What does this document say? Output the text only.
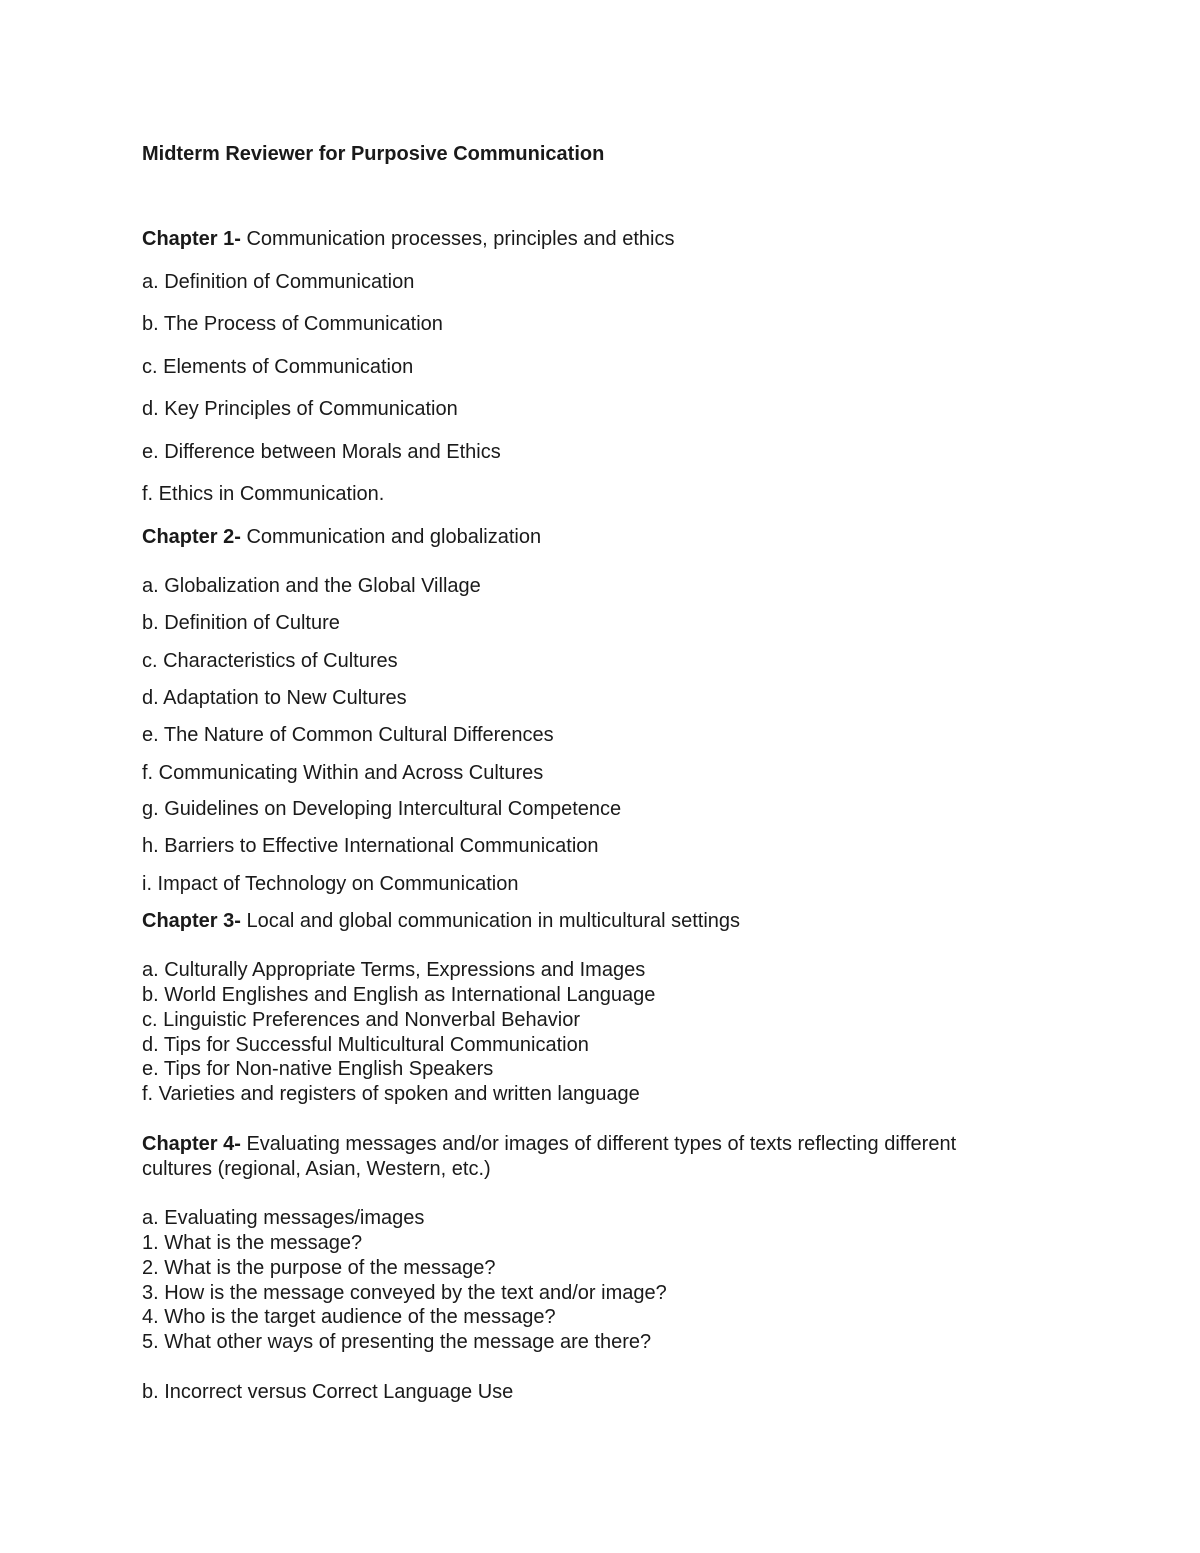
Midterm Reviewer for Purposive Communication
Chapter 1- Communication processes, principles and ethics
a. Definition of Communication
b. The Process of Communication
c. Elements of Communication
d. Key Principles of Communication
e. Difference between Morals and Ethics
f. Ethics in Communication.
Chapter 2- Communication and globalization
a. Globalization and the Global Village
b. Definition of Culture
c. Characteristics of Cultures
d. Adaptation to New Cultures
e. The Nature of Common Cultural Differences
f. Communicating Within and Across Cultures
g. Guidelines on Developing Intercultural Competence
h. Barriers to Effective International Communication
i. Impact of Technology on Communication
Chapter 3- Local and global communication in multicultural settings
a. Culturally Appropriate Terms, Expressions and Images
b. World Englishes and English as International Language
c. Linguistic Preferences and Nonverbal Behavior
d. Tips for Successful Multicultural Communication
e. Tips for Non-native English Speakers
f. Varieties and registers of spoken and written language
Chapter 4- Evaluating messages and/or images of different types of texts reflecting different
cultures (regional, Asian, Western, etc.)
a. Evaluating messages/images
1. What is the message?
2. What is the purpose of the message?
3. How is the message conveyed by the text and/or image?
4. Who is the target audience of the message?
5. What other ways of presenting the message are there?
b. Incorrect versus Correct Language Use
